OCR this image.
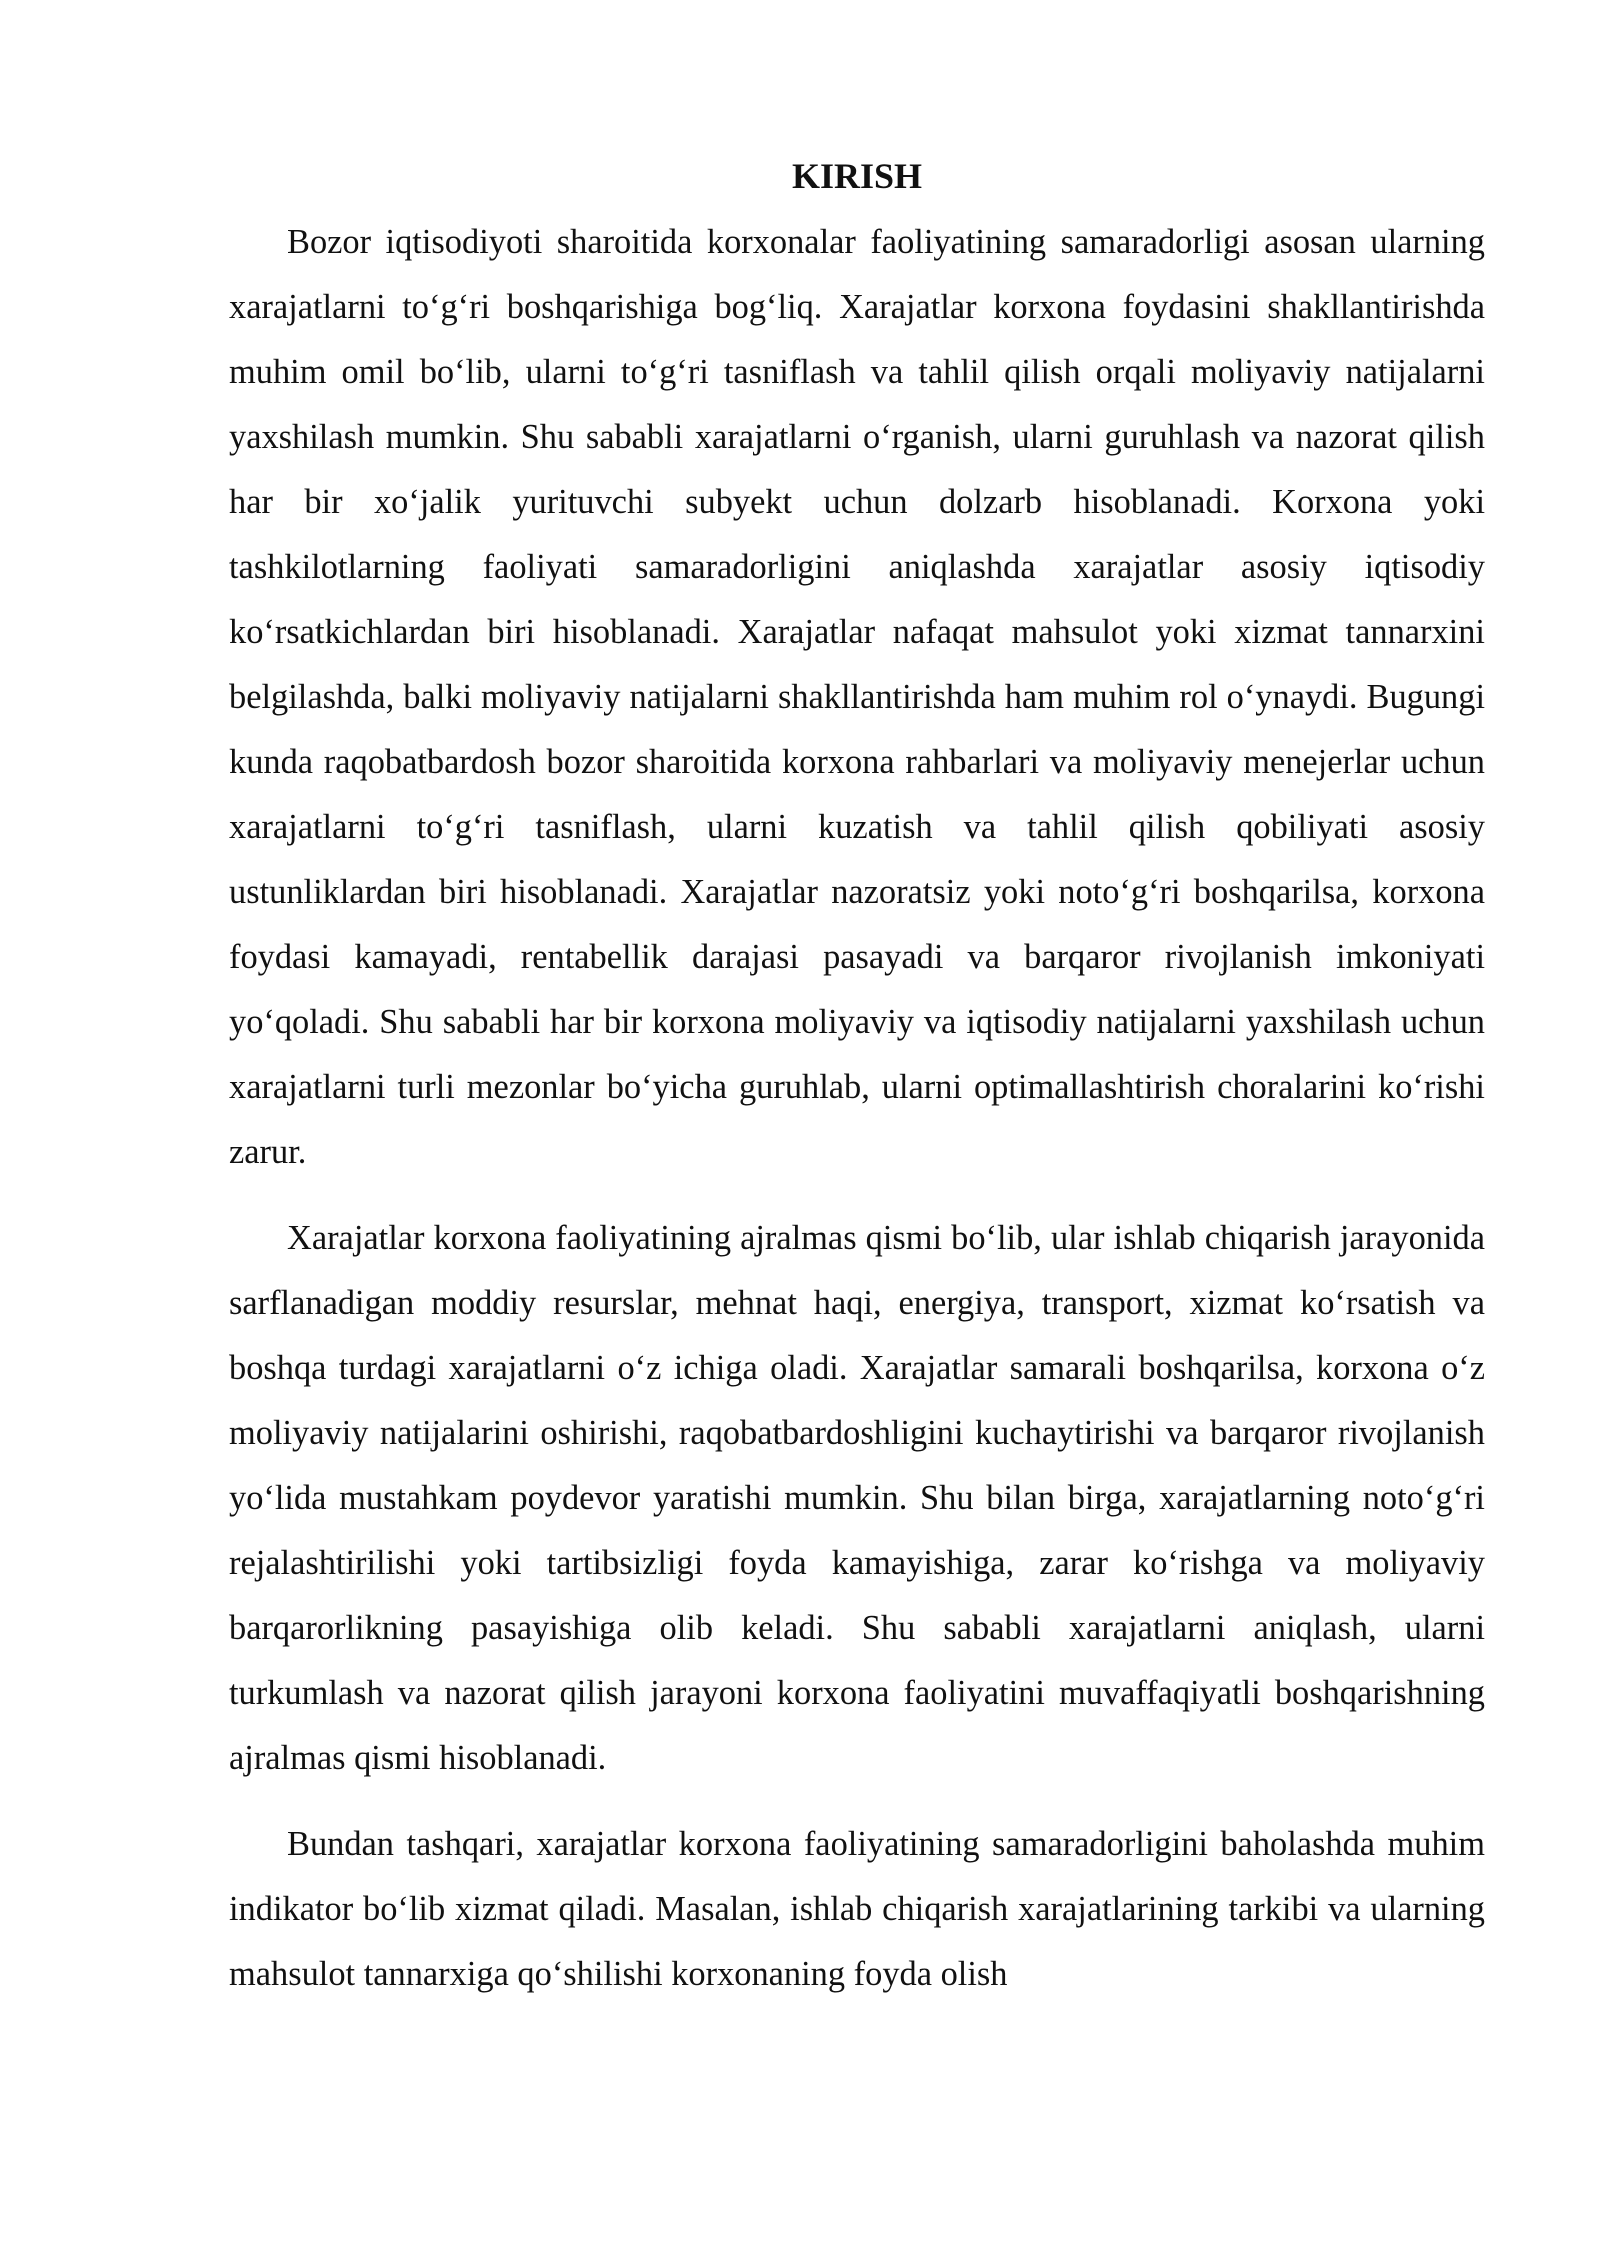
KIRISH

Bozor iqtisodiyoti sharoitida korxonalar faoliyatining samaradorligi asosan ularning xarajatlarni to‘g‘ri boshqarishiga bog‘liq. Xarajatlar korxona foydasini shakllantirishda muhim omil bo‘lib, ularni to‘g‘ri tasniflash va tahlil qilish orqali moliyaviy natijalarni yaxshilash mumkin. Shu sababli xarajatlarni o‘rganish, ularni guruhlash va nazorat qilish har bir xo‘jalik yurituvchi subyekt uchun dolzarb hisoblanadi. Korxona yoki tashkilotlarning faoliyati samaradorligini aniqlashda xarajatlar asosiy iqtisodiy ko‘rsatkichlardan biri hisoblanadi. Xarajatlar nafaqat mahsulot yoki xizmat tannarxini belgilashda, balki moliyaviy natijalarni shakllantirishda ham muhim rol o‘ynaydi. Bugungi kunda raqobatbardosh bozor sharoitida korxona rahbarlari va moliyaviy menejerlar uchun xarajatlarni to‘g‘ri tasniflash, ularni kuzatish va tahlil qilish qobiliyati asosiy ustunliklardan biri hisoblanadi. Xarajatlar nazoratsiz yoki noto‘g‘ri boshqarilsa, korxona foydasi kamayadi, rentabellik darajasi pasayadi va barqaror rivojlanish imkoniyati yo‘qoladi. Shu sababli har bir korxona moliyaviy va iqtisodiy natijalarni yaxshilash uchun xarajatlarni turli mezonlar bo‘yicha guruhlab, ularni optimallashtirish choralarini ko‘rishi zarur.

Xarajatlar korxona faoliyatining ajralmas qismi bo‘lib, ular ishlab chiqarish jarayonida sarflanadigan moddiy resurslar, mehnat haqi, energiya, transport, xizmat ko‘rsatish va boshqa turdagi xarajatlarni o‘z ichiga oladi. Xarajatlar samarali boshqarilsa, korxona o‘z moliyaviy natijalarini oshirishi, raqobatbardoshligini kuchaytirishi va barqaror rivojlanish yo‘lida mustahkam poydevor yaratishi mumkin. Shu bilan birga, xarajatlarning noto‘g‘ri rejalashtirilishi yoki tartibsizligi foyda kamayishiga, zarar ko‘rishga va moliyaviy barqarorlikning pasayishiga olib keladi. Shu sababli xarajatlarni aniqlash, ularni turkumlash va nazorat qilish jarayoni korxona faoliyatini muvaffaqiyatli boshqarishning ajralmas qismi hisoblanadi.

Bundan tashqari, xarajatlar korxona faoliyatining samaradorligini baholashda muhim indikator bo‘lib xizmat qiladi. Masalan, ishlab chiqarish xarajatlarining tarkibi va ularning mahsulot tannarxiga qo‘shilishi korxonaning foyda olish
